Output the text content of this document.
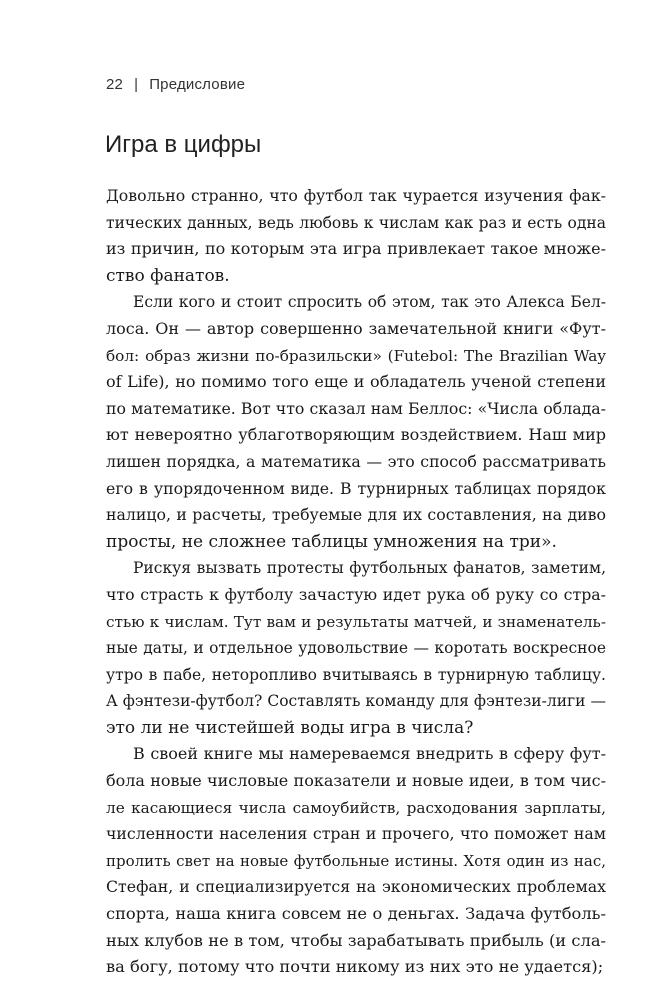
22 | Предисловие
Игра в цифры
Довольно странно, что футбол так чурается изучения фак-
тических данных, ведь любовь к числам как раз и есть одна
из причин, по которым эта игра привлекает такое множе-
ство фанатов.
Если кого и стоит спросить об этом, так это Алекса Бел-
лоса. Он — автор совершенно замечательной книги «Фут-
бол: образ жизни по-бразильски» (Futebol: The Brazilian Way
of Life), но помимо того еще и обладатель ученой степени
по математике. Вот что сказал нам Беллос: «Числа облада-
ют невероятно ублаготворяющим воздействием. Наш мир
лишен порядка, а математика — это способ рассматривать
его в упорядоченном виде. В турнирных таблицах порядок
налицо, и расчеты, требуемые для их составления, на диво
просты, не сложнее таблицы умножения на три».
Рискуя вызвать протесты футбольных фанатов, заметим,
что страсть к футболу зачастую идет рука об руку со стра-
стью к числам. Тут вам и результаты матчей, и знаменатель-
ные даты, и отдельное удовольствие — коротать воскресное
утро в пабе, неторопливо вчитываясь в турнирную таблицу.
А фэнтези-футбол? Составлять команду для фэнтези-лиги —
это ли не чистейшей воды игра в числа?
В своей книге мы намереваемся внедрить в сферу фут-
бола новые числовые показатели и новые идеи, в том чис-
ле касающиеся числа самоубийств, расходования зарплаты,
численности населения стран и прочего, что поможет нам
пролить свет на новые футбольные истины. Хотя один из нас,
Стефан, и специализируется на экономических проблемах
спорта, наша книга совсем не о деньгах. Задача футболь-
ных клубов не в том, чтобы зарабатывать прибыль (и сла-
ва богу, потому что почти никому из них это не удается);
